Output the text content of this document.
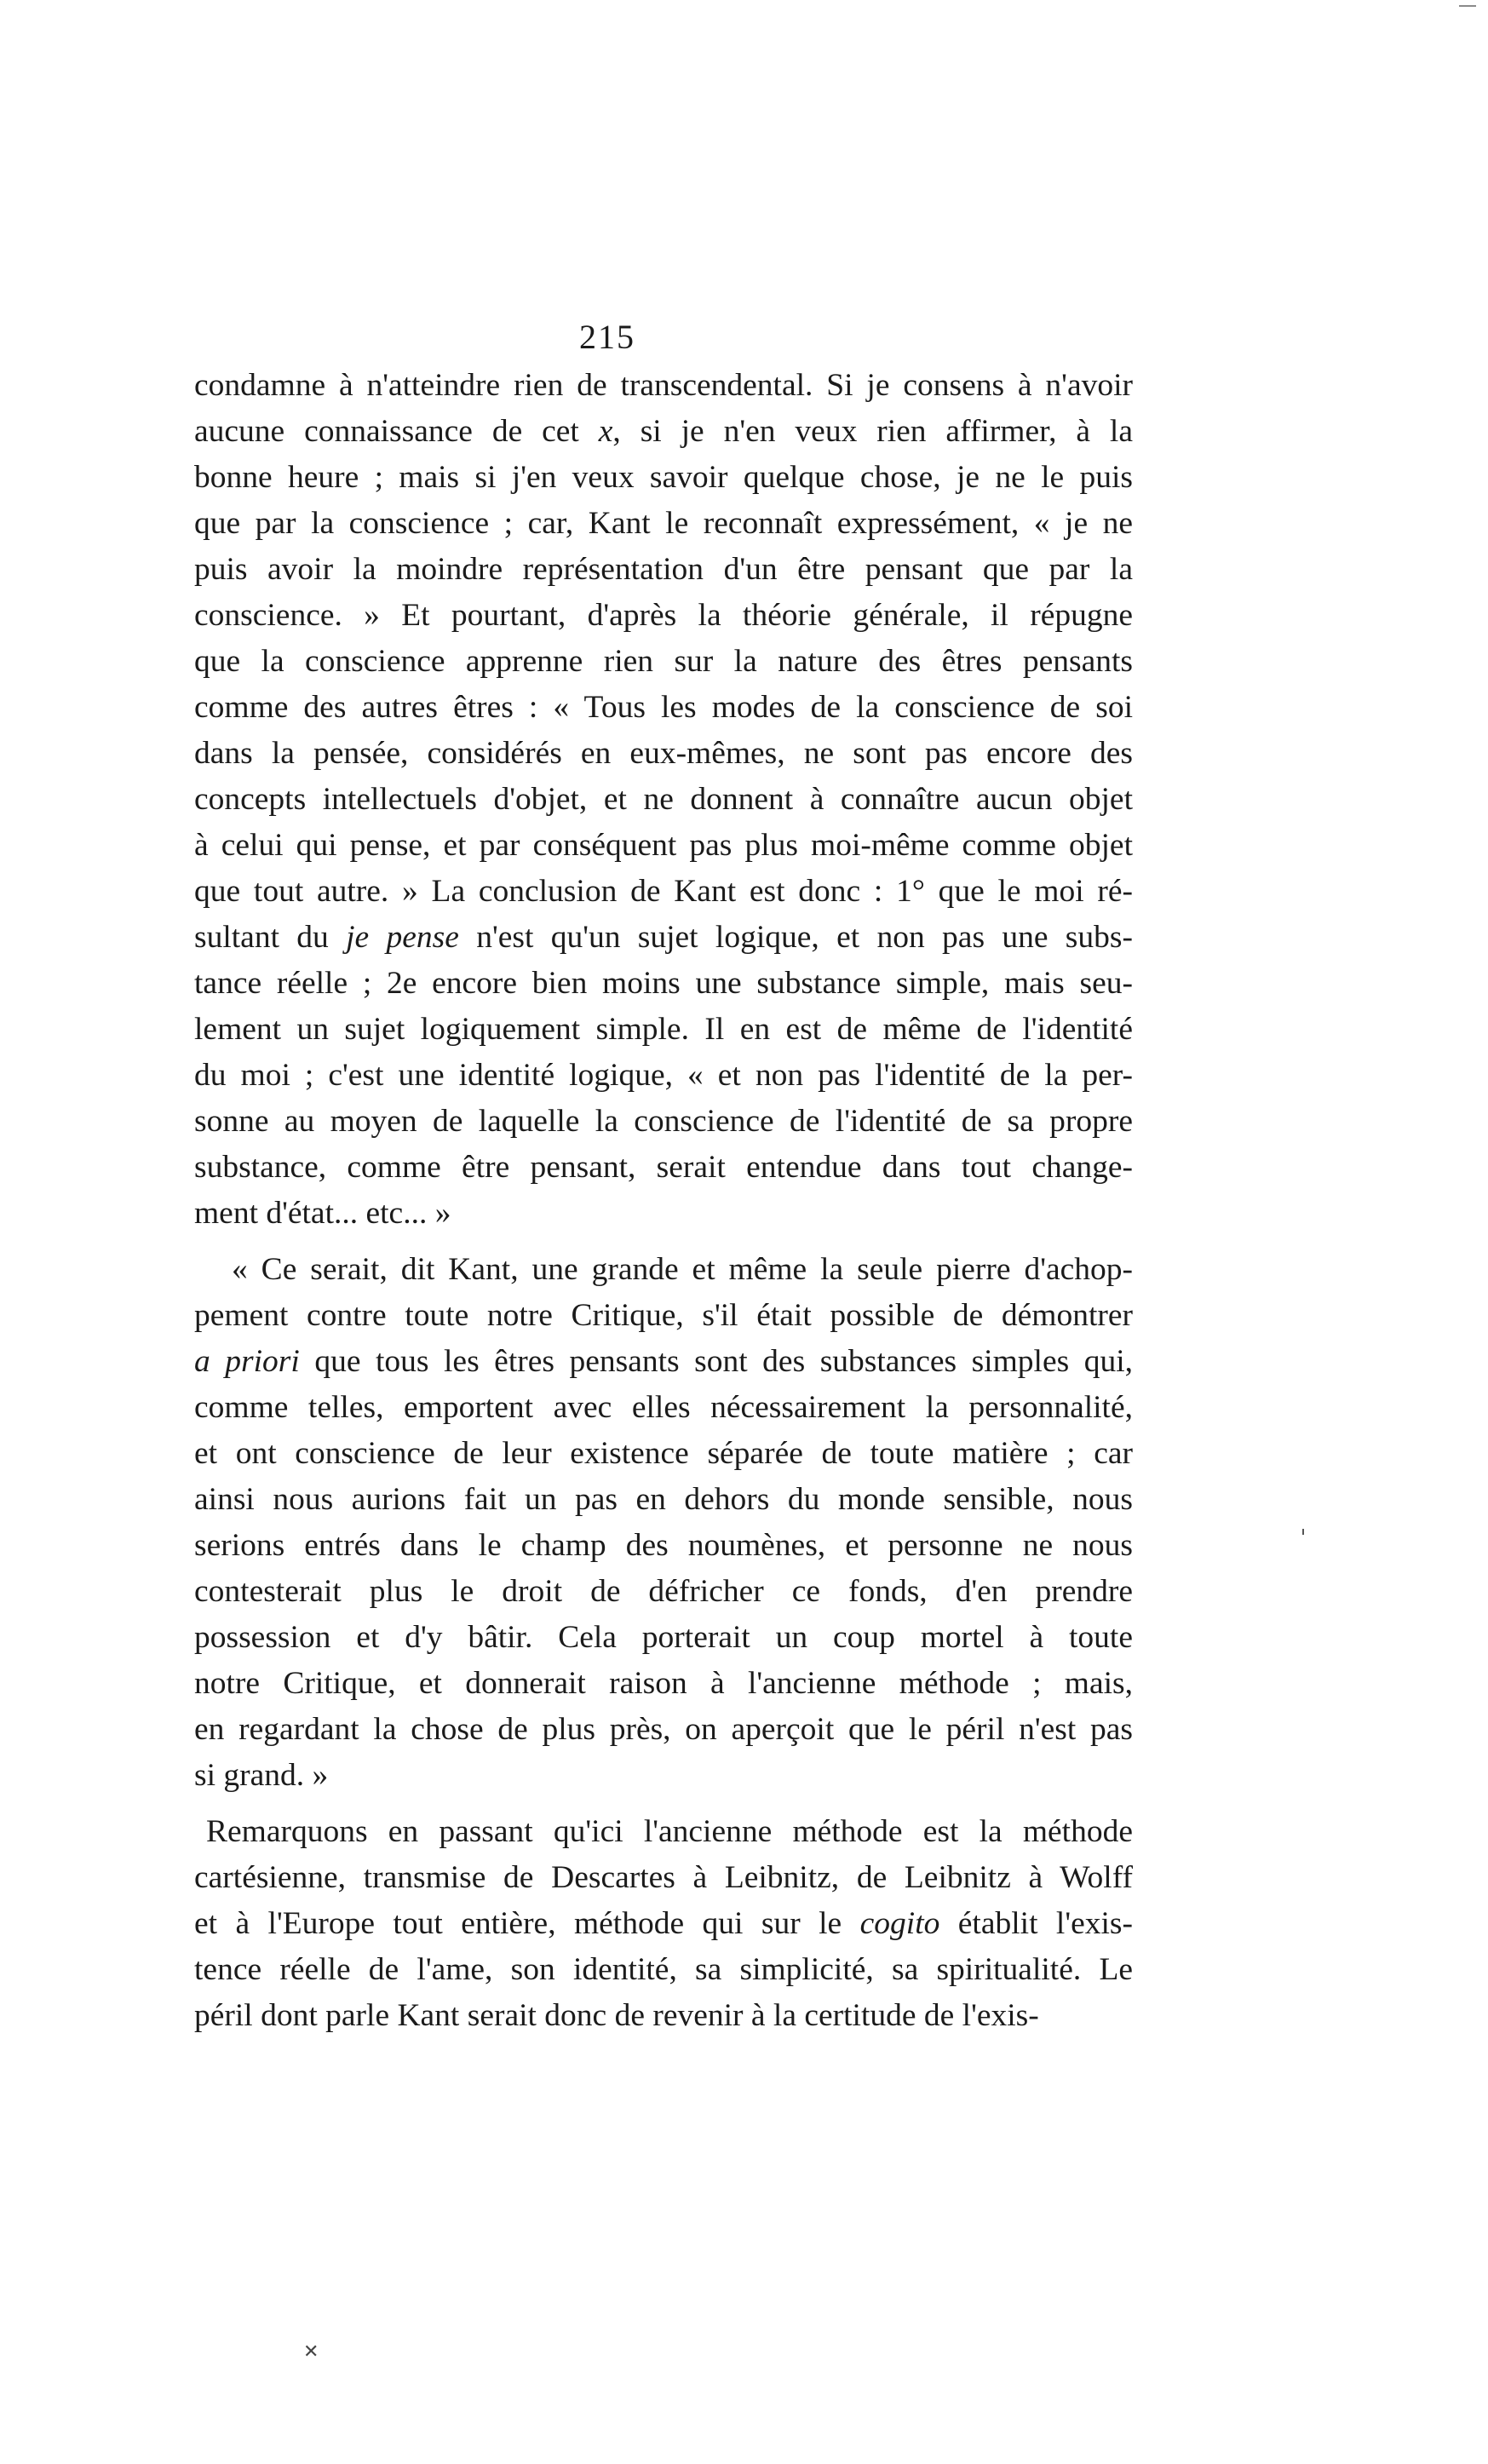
215
condamne à n'atteindre rien de transcendental. Si je consens à n'avoir
aucune connaissance de cet x, si je n'en veux rien affirmer, à la
bonne heure ; mais si j'en veux savoir quelque chose, je ne le puis
que par la conscience ; car, Kant le reconnaît expressément, « je ne
puis avoir la moindre représentation d'un être pensant que par la
conscience. » Et pourtant, d'après la théorie générale, il répugne
que la conscience apprenne rien sur la nature des êtres pensants
comme des autres êtres : « Tous les modes de la conscience de soi
dans la pensée, considérés en eux-mêmes, ne sont pas encore des
concepts intellectuels d'objet, et ne donnent à connaître aucun objet
à celui qui pense, et par conséquent pas plus moi-même comme objet
que tout autre. » La conclusion de Kant est donc : 1° que le moi ré-
sultant du je pense n'est qu'un sujet logique, et non pas une subs-
tance réelle ; 2e encore bien moins une substance simple, mais seu-
lement un sujet logiquement simple. Il en est de même de l'identité
du moi ; c'est une identité logique, « et non pas l'identité de la per-
sonne au moyen de laquelle la conscience de l'identité de sa propre
substance, comme être pensant, serait entendue dans tout change-
ment d'état... etc... »
« Ce serait, dit Kant, une grande et même la seule pierre d'achop-
pement contre toute notre Critique, s'il était possible de démontrer
a priori que tous les êtres pensants sont des substances simples qui,
comme telles, emportent avec elles nécessairement la personnalité,
et ont conscience de leur existence séparée de toute matière ; car
ainsi nous aurions fait un pas en dehors du monde sensible, nous
serions entrés dans le champ des noumènes, et personne ne nous
contesterait plus le droit de défricher ce fonds, d'en prendre
possession et d'y bâtir. Cela porterait un coup mortel à toute
notre Critique, et donnerait raison à l'ancienne méthode ; mais,
en regardant la chose de plus près, on aperçoit que le péril n'est pas
si grand. »
Remarquons en passant qu'ici l'ancienne méthode est la méthode
cartésienne, transmise de Descartes à Leibnitz, de Leibnitz à Wolff
et à l'Europe tout entière, méthode qui sur le cogito établit l'exis-
tence réelle de l'ame, son identité, sa simplicité, sa spiritualité. Le
péril dont parle Kant serait donc de revenir à la certitude de l'exis-
✕
